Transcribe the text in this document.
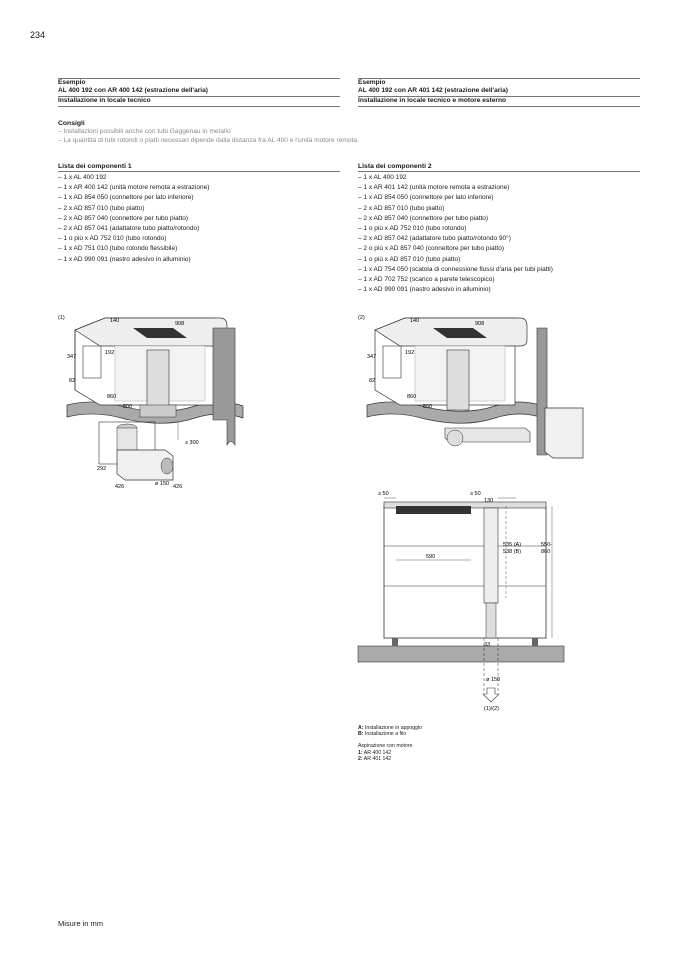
234
Esempio
AL 400 192 con AR 400 142 (estrazione dell'aria)
Installazione in locale tecnico
Esempio
AL 400 192 con AR 401 142 (estrazione dell'aria)
Installazione in locale tecnico e motore esterno
Consigli
– Installazioni possibili anche con tubi Gaggenau in metallo
– La quantità di tubi rotondi o piatti necessari dipende dalla distanza fra AL 400 e l'unità motore remota.
Lista dei componenti 1
– 1 x AL 400 192
– 1 x AR 400 142 (unità motore remota a estrazione)
– 1 x AD 854 050 (connettore per lato inferiore)
– 2 x AD 857 010 (tubo piatto)
– 2 x AD 857 040 (connettore per tubo piatto)
– 2 x AD 857 041 (adattatore tubo piatto/rotondo)
– 1 o più x AD 752 010 (tubo rotondo)
– 1 x AD 751 010 (tubo rotondo flessibile)
– 1 x AD 990 091 (nastro adesivo in alluminio)
Lista dei componenti 2
– 1 x AL 400 192
– 1 x AR 401 142 (unità motore remota a estrazione)
– 1 x AD 854 050 (connettore per lato inferiore)
– 2 x AD 857 010 (tubo piatto)
– 2 x AD 857 040 (connettore per tubo piatto)
– 1 o più x AD 752 010 (tubo rotondo)
– 2 x AD 857 042 (adattatore tubo piatto/rotondo 90°)
– 2 o più x AD 857 040 (connettore per tubo piatto)
– 1 o più x AD 857 010 (tubo piatto)
– 1 x AD 754 050 (scatola di connessione flussi d'aria per tubi piatti)
– 1 x AD 702 752 (scarico a parete telescopico)
– 1 x AD 990 091 (nastro adesivo in alluminio)
(1)	140	908
192
347
82
860
500
≥ 300
292
426	ø 150 426
(2)	140	908
192
347
82
860
500
≥ 50	≥ 50
130
590
535 (A)
538 (B)
550-
860
33
ø 150
(1)/(2)
A: Installazione in appoggio
B: Installazione a filo
Aspirazione con motore
1: AR 400 142
2: AR 401 142
Misure in mm
